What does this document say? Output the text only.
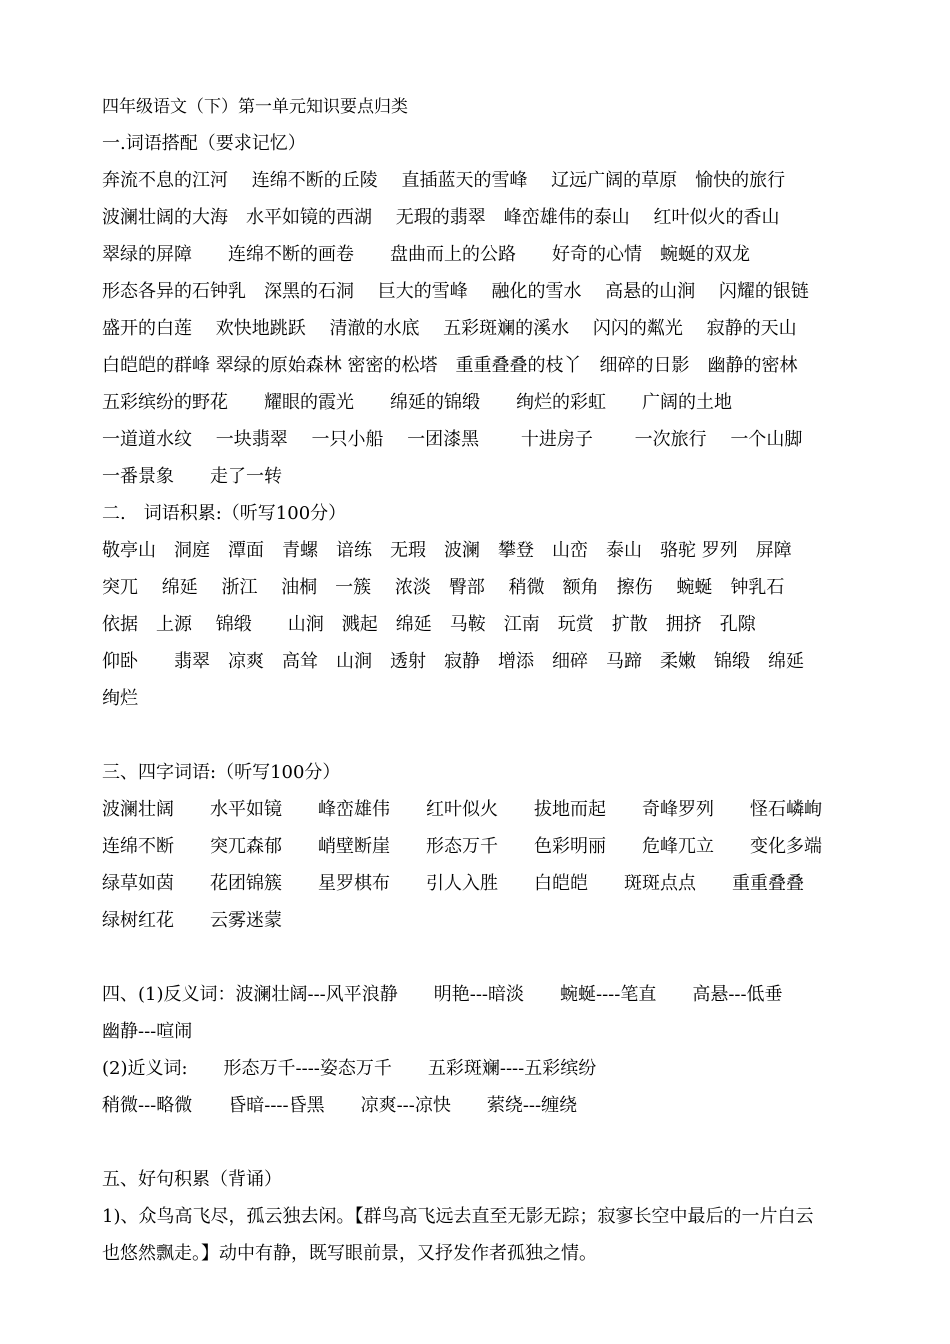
四年级语文（下）第一单元知识要点归类
一.词语搭配（要求记忆）
奔流不息的江河　 连绵不断的丘陵　 直插蓝天的雪峰　 辽远广阔的草原　愉快的旅行
波澜壮阔的大海　水平如镜的西湖　 无瑕的翡翠　峰峦雄伟的泰山　 红叶似火的香山
翠绿的屏障　　连绵不断的画卷　　盘曲而上的公路　　好奇的心情　蜿蜒的双龙
形态各异的石钟乳　深黑的石洞　 巨大的雪峰　 融化的雪水　 高悬的山涧　 闪耀的银链
盛开的白莲　 欢快地跳跃　 清澈的水底　 五彩斑斓的溪水　 闪闪的粼光　 寂静的天山
白皑皑的群峰 翠绿的原始森林 密密的松塔　重重叠叠的枝丫　细碎的日影　幽静的密林
五彩缤纷的野花　　耀眼的霞光　　绵延的锦缎　　绚烂的彩虹　　广阔的土地
一道道水纹　 一块翡翠　 一只小船　 一团漆黑　　 十进房子　　 一次旅行　 一个山脚
一番景象　　走了一转
二.　词语积累:（听写100分）
敬亭山　洞庭　潭面　青螺　谙练　无瑕　波澜　攀登　山峦　泰山　骆驼 罗列　屏障
突兀　 绵延　 浙江　 油桐　一簇　 浓淡　臀部　 稍微　额角　擦伤　 蜿蜒　钟乳石
依据　上源　 锦缎　　山涧　溅起　绵延　马鞍　江南　玩赏　扩散　拥挤　孔隙
仰卧　　翡翠　凉爽　高耸　山涧　透射　寂静　增添　细碎　马蹄　柔嫩　锦缎　绵延
绚烂
三、四字词语:（听写100分）
波澜壮阔　　水平如镜　　峰峦雄伟　　红叶似火　　拔地而起　　奇峰罗列　　怪石嶙峋
连绵不断　　突兀森郁　　峭壁断崖　　形态万千　　色彩明丽　　危峰兀立　　变化多端
绿草如茵　　花团锦簇　　星罗棋布　　引人入胜　　白皑皑　　斑斑点点　　重重叠叠
绿树红花　　云雾迷蒙
四、(1)反义词：波澜壮阔---风平浪静　　明艳---暗淡　　蜿蜒----笔直　　高悬---低垂
幽静---喧闹
(2)近义词:　　形态万千----姿态万千　　五彩斑斓----五彩缤纷
稍微---略微　　昏暗----昏黑　　凉爽---凉快　　萦绕---缠绕
五、好句积累（背诵）
1)、众鸟高飞尽，孤云独去闲。【群鸟高飞远去直至无影无踪；寂寥长空中最后的一片白云
也悠然飘走。】动中有静，既写眼前景，又抒发作者孤独之情。
